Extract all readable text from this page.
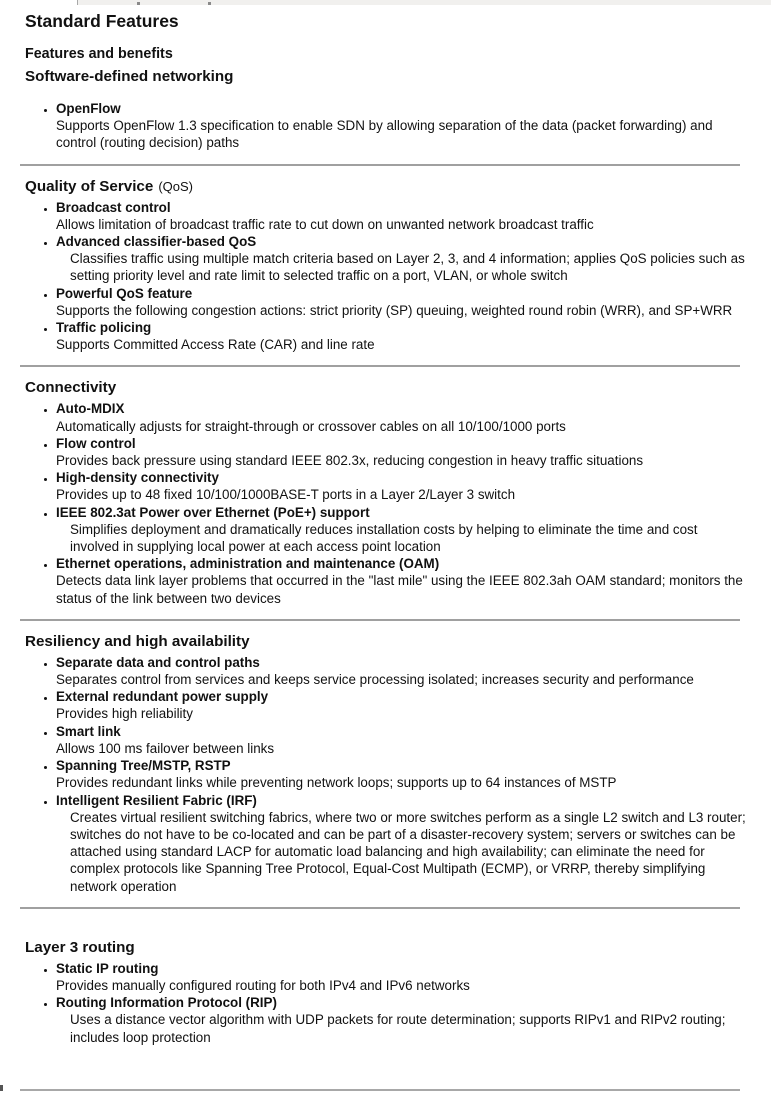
Standard Features
Features and benefits
Software-defined networking
• OpenFlow
Supports OpenFlow 1.3 specification to enable SDN by allowing separation of the data (packet forwarding) and control (routing decision) paths
Quality of Service (QoS)
• Broadcast control
Allows limitation of broadcast traffic rate to cut down on unwanted network broadcast traffic
• Advanced classifier-based QoS
Classifies traffic using multiple match criteria based on Layer 2, 3, and 4 information; applies QoS policies such as setting priority level and rate limit to selected traffic on a port, VLAN, or whole switch
• Powerful QoS feature
Supports the following congestion actions: strict priority (SP) queuing, weighted round robin (WRR), and SP+WRR
• Traffic policing
Supports Committed Access Rate (CAR) and line rate
Connectivity
• Auto-MDIX
Automatically adjusts for straight-through or crossover cables on all 10/100/1000 ports
• Flow control
Provides back pressure using standard IEEE 802.3x, reducing congestion in heavy traffic situations
• High-density connectivity
Provides up to 48 fixed 10/100/1000BASE-T ports in a Layer 2/Layer 3 switch
• IEEE 802.3at Power over Ethernet (PoE+) support
Simplifies deployment and dramatically reduces installation costs by helping to eliminate the time and cost involved in supplying local power at each access point location
• Ethernet operations, administration and maintenance (OAM)
Detects data link layer problems that occurred in the "last mile" using the IEEE 802.3ah OAM standard; monitors the status of the link between two devices
Resiliency and high availability
• Separate data and control paths
Separates control from services and keeps service processing isolated; increases security and performance
• External redundant power supply
Provides high reliability
• Smart link
Allows 100 ms failover between links
• Spanning Tree/MSTP, RSTP
Provides redundant links while preventing network loops; supports up to 64 instances of MSTP
• Intelligent Resilient Fabric (IRF)
Creates virtual resilient switching fabrics, where two or more switches perform as a single L2 switch and L3 router; switches do not have to be co-located and can be part of a disaster-recovery system; servers or switches can be attached using standard LACP for automatic load balancing and high availability; can eliminate the need for complex protocols like Spanning Tree Protocol, Equal-Cost Multipath (ECMP), or VRRP, thereby simplifying network operation
Layer 3 routing
• Static IP routing
Provides manually configured routing for both IPv4 and IPv6 networks
• Routing Information Protocol (RIP)
Uses a distance vector algorithm with UDP packets for route determination; supports RIPv1 and RIPv2 routing; includes loop protection
